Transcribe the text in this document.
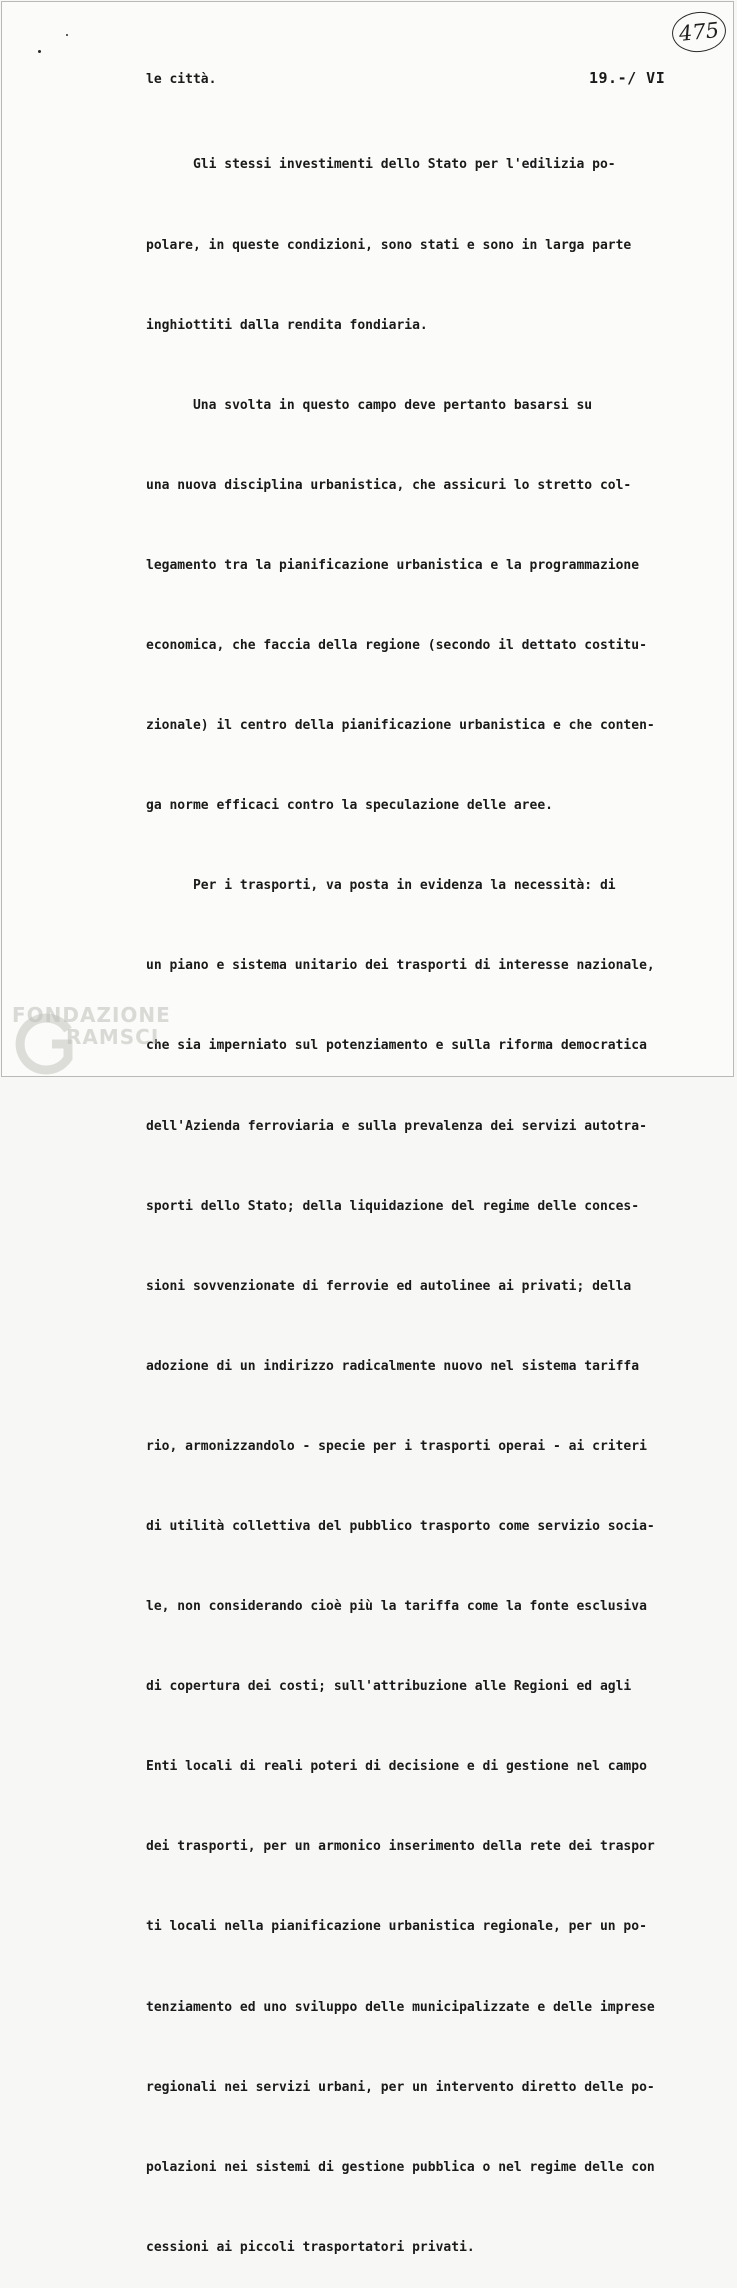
475
le città.	19.-/ VI

Gli stessi investimenti dello Stato per l'edilizia po-

polare, in queste condizioni, sono stati e sono in larga parte

inghiottiti dalla rendita fondiaria.

Una svolta in questo campo deve pertanto basarsi su

una nuova disciplina urbanistica, che assicuri lo stretto col-

legamento tra la pianificazione urbanistica e la programmazione

economica, che faccia della regione (secondo il dettato costitu-

zionale) il centro della pianificazione urbanistica e che conten-

ga norme efficaci contro la speculazione delle aree.

Per i trasporti, va posta in evidenza la necessità: di

un piano e sistema unitario dei trasporti di interesse nazionale,

che sia imperniato sul potenziamento e sulla riforma democratica

dell'Azienda ferroviaria e sulla prevalenza dei servizi autotra-

sporti dello Stato; della liquidazione del regime delle conces-

sioni sovvenzionate di ferrovie ed autolinee ai privati; della

adozione di un indirizzo radicalmente nuovo nel sistema tariffa

rio, armonizzandolo - specie per i trasporti operai - ai criteri

di utilità collettiva del pubblico trasporto come servizio socia-

le, non considerando cioè più la tariffa come la fonte esclusiva

di copertura dei costi; sull'attribuzione alle Regioni ed agli

Enti locali di reali poteri di decisione e di gestione nel campo

dei trasporti, per un armonico inserimento della rete dei traspor

ti locali nella pianificazione urbanistica regionale, per un po-

tenziamento ed uno sviluppo delle municipalizzate e delle imprese

regionali nei servizi urbani, per un intervento diretto delle po-

polazioni nei sistemi di gestione pubblica o nel regime delle con

cessioni ai piccoli trasportatori privati.

FONDAZIONE
RAMSCI
